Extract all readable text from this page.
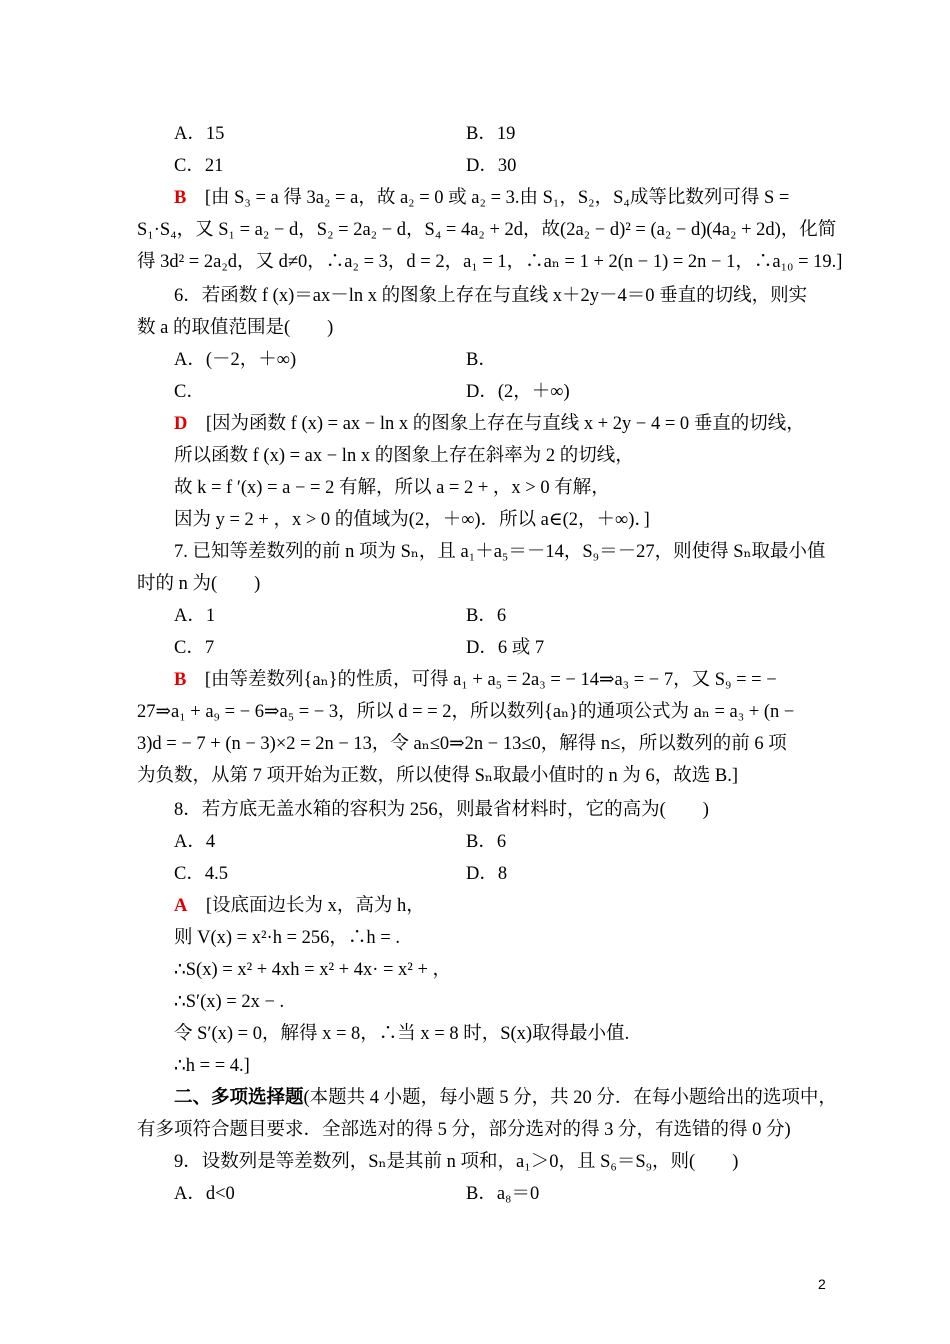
A．15	B．19
C．21	D．30
B　[由 S₃ = a 得 3a₂ = a，故 a₂ = 0 或 a₂ = 3.由 S₁，S₂，S₄成等比数列可得 S =
S₁·S₄，又 S₁ = a₂ − d，S₂ = 2a₂ − d，S₄ = 4a₂ + 2d，故(2a₂ − d)² = (a₂ − d)(4a₂ + 2d)，化简
得 3d² = 2a₂d，又 d≠0，∴a₂ = 3，d = 2，a₁ = 1，∴aₙ = 1 + 2(n − 1) = 2n − 1，∴a₁₀ = 19.]
6．若函数 f (x)＝ax－ln x 的图象上存在与直线 x＋2y－4＝0 垂直的切线，则实
数 a 的取值范围是(　　)
A．(－2，＋∞)	B．
C．	D．(2，＋∞)
D　[因为函数 f (x) = ax − ln x 的图象上存在与直线 x + 2y − 4 = 0 垂直的切线，
所以函数 f (x) = ax − ln x 的图象上存在斜率为 2 的切线，
故 k = f ′(x) = a − = 2 有解，所以 a = 2 + ，x > 0 有解，
因为 y = 2 + ，x > 0 的值域为(2，＋∞)．所以 a∈(2，＋∞)．]
7. 已知等差数列的前 n 项为 Sₙ，且 a₁＋a₅＝－14，S₉＝－27，则使得 Sₙ取最小值
时的 n 为(　　)
A．1	B．6
C．7	D．6 或 7
B　[由等差数列{aₙ}的性质，可得 a₁ + a₅ = 2a₃ = − 14⇒a₃ = − 7，又 S₉ = = −
27⇒a₁ + a₉ = − 6⇒a₅ = − 3，所以 d = = 2，所以数列{aₙ}的通项公式为 aₙ = a₃ + (n −
3)d = − 7 + (n − 3)×2 = 2n − 13，令 aₙ≤0⇒2n − 13≤0，解得 n≤，所以数列的前 6 项
为负数，从第 7 项开始为正数，所以使得 Sₙ取最小值时的 n 为 6，故选 B.]
8．若方底无盖水箱的容积为 256，则最省材料时，它的高为(　　)
A．4	B．6
C．4.5	D．8
A　[设底面边长为 x，高为 h，
则 V(x) = x²·h = 256，∴h = .
∴S(x) = x² + 4xh = x² + 4x· = x² + ，
∴S′(x) = 2x − .
令 S′(x) = 0，解得 x = 8，∴当 x = 8 时，S(x)取得最小值.
∴h = = 4.]
二、多项选择题(本题共 4 小题，每小题 5 分，共 20 分．在每小题给出的选项中，
有多项符合题目要求．全部选对的得 5 分，部分选对的得 3 分，有选错的得 0 分)
9．设数列是等差数列，Sₙ是其前 n 项和，a₁＞0，且 S₆＝S₉，则(　　)
A．d<0	B．a₈＝0
2
